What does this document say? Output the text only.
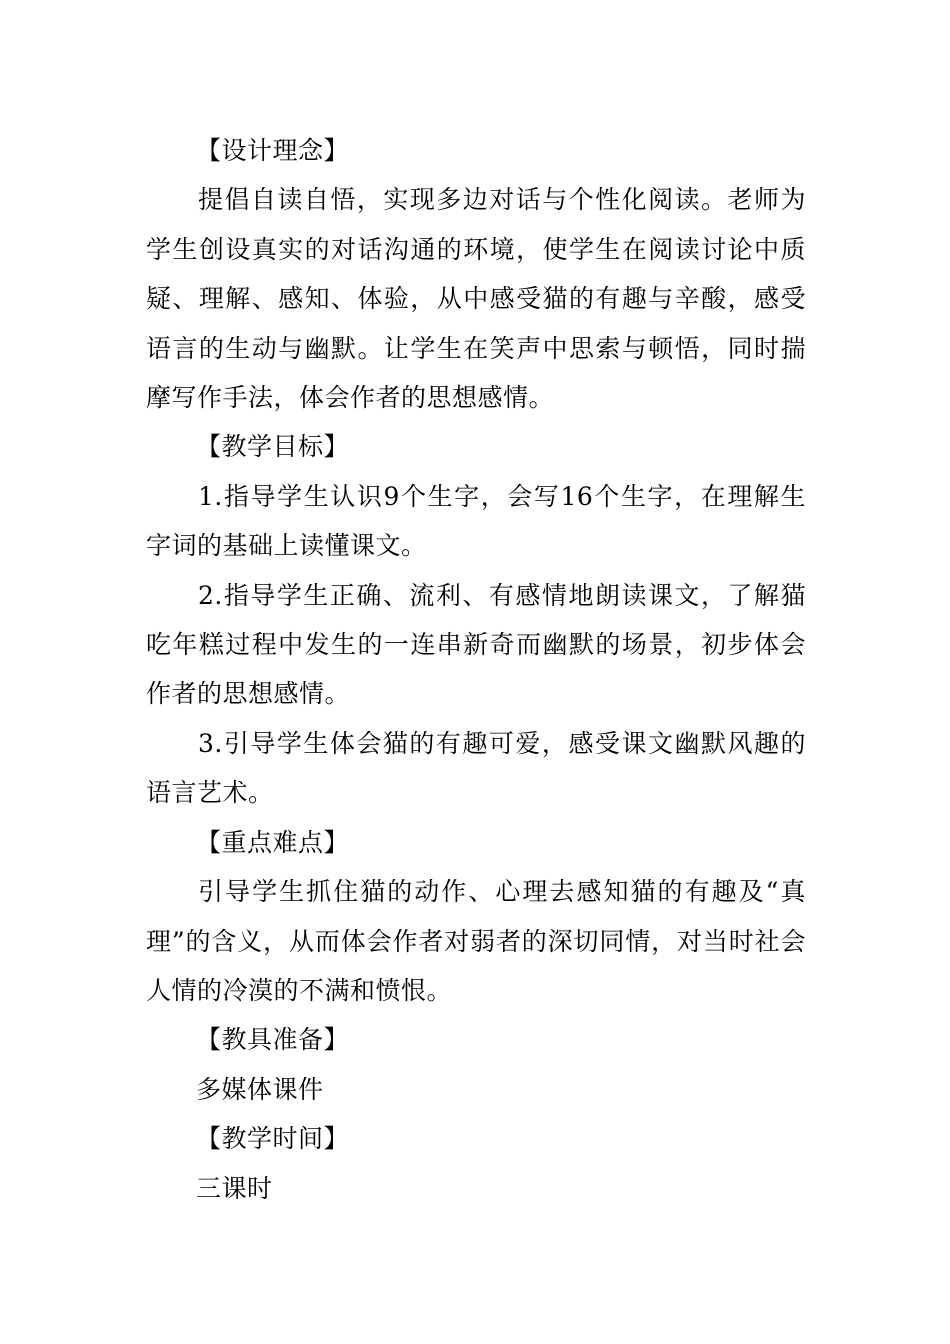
【设计理念】

提倡自读自悟，实现多边对话与个性化阅读。老师为学生创设真实的对话沟通的环境，使学生在阅读讨论中质疑、理解、感知、体验，从中感受猫的有趣与辛酸，感受语言的生动与幽默。让学生在笑声中思索与顿悟，同时揣摩写作手法，体会作者的思想感情。

【教学目标】

1.指导学生认识9个生字，会写16个生字，在理解生字词的基础上读懂课文。

2.指导学生正确、流利、有感情地朗读课文，了解猫吃年糕过程中发生的一连串新奇而幽默的场景，初步体会作者的思想感情。

3.引导学生体会猫的有趣可爱，感受课文幽默风趣的语言艺术。

【重点难点】

引导学生抓住猫的动作、心理去感知猫的有趣及“真理”的含义，从而体会作者对弱者的深切同情，对当时社会人情的冷漠的不满和愤恨。

【教具准备】

多媒体课件

【教学时间】

三课时
